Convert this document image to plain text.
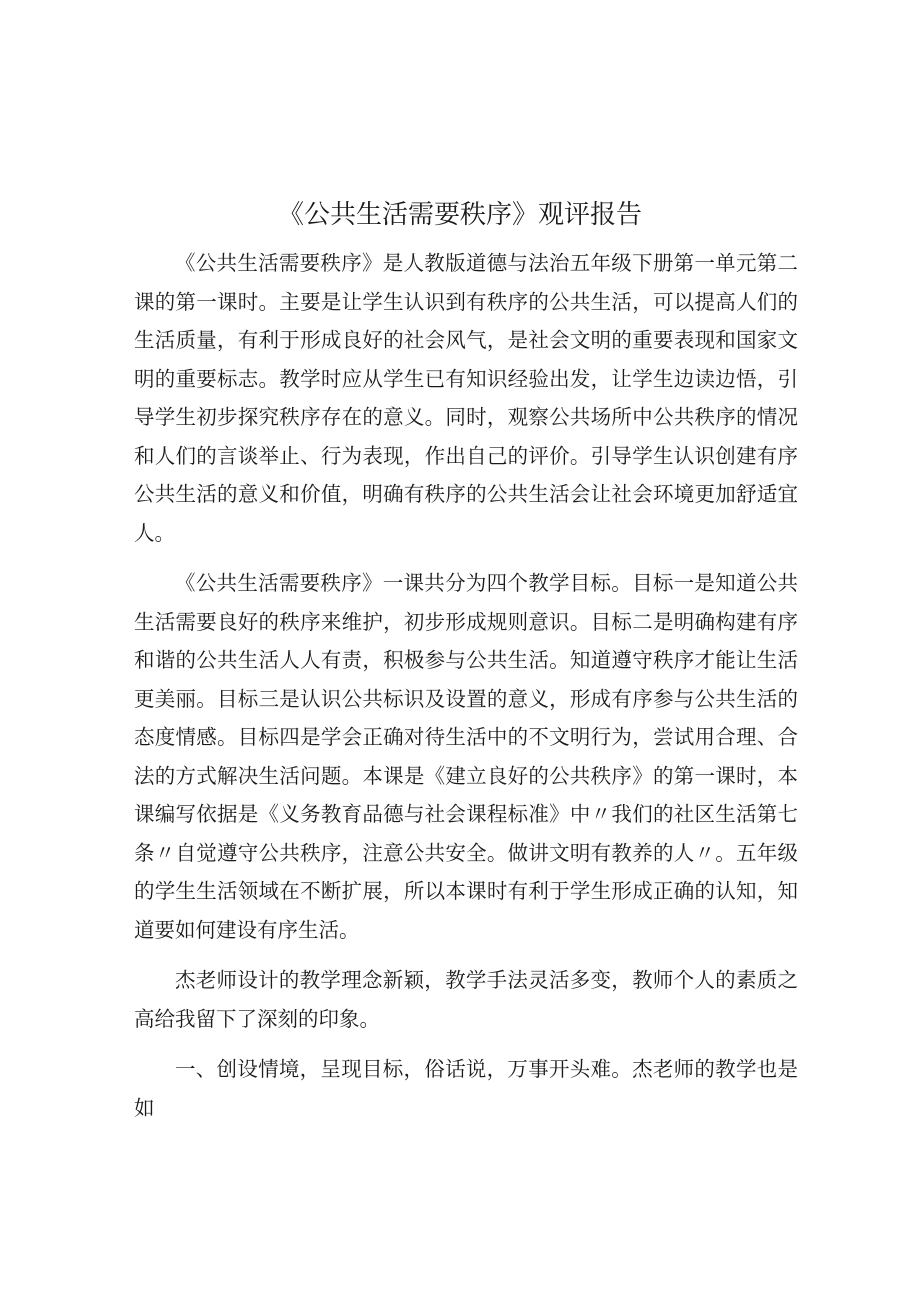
《公共生活需要秩序》观评报告

《公共生活需要秩序》是人教版道德与法治五年级下册第一单元第二课的第一课时。主要是让学生认识到有秩序的公共生活，可以提高人们的生活质量，有利于形成良好的社会风气，是社会文明的重要表现和国家文明的重要标志。教学时应从学生已有知识经验出发，让学生边读边悟，引导学生初步探究秩序存在的意义。同时，观察公共场所中公共秩序的情况和人们的言谈举止、行为表现，作出自己的评价。引导学生认识创建有序公共生活的意义和价值，明确有秩序的公共生活会让社会环境更加舒适宜人。

《公共生活需要秩序》一课共分为四个教学目标。目标一是知道公共生活需要良好的秩序来维护，初步形成规则意识。目标二是明确构建有序和谐的公共生活人人有责，积极参与公共生活。知道遵守秩序才能让生活更美丽。目标三是认识公共标识及设置的意义，形成有序参与公共生活的态度情感。目标四是学会正确对待生活中的不文明行为，尝试用合理、合法的方式解决生活问题。本课是《建立良好的公共秩序》的第一课时，本课编写依据是《义务教育品德与社会课程标准》中〃我们的社区生活第七条〃自觉遵守公共秩序，注意公共安全。做讲文明有教养的人〃。五年级的学生生活领域在不断扩展，所以本课时有利于学生形成正确的认知，知道要如何建设有序生活。

杰老师设计的教学理念新颖，教学手法灵活多变，教师个人的素质之高给我留下了深刻的印象。

一、创设情境，呈现目标，俗话说，万事开头难。杰老师的教学也是如
